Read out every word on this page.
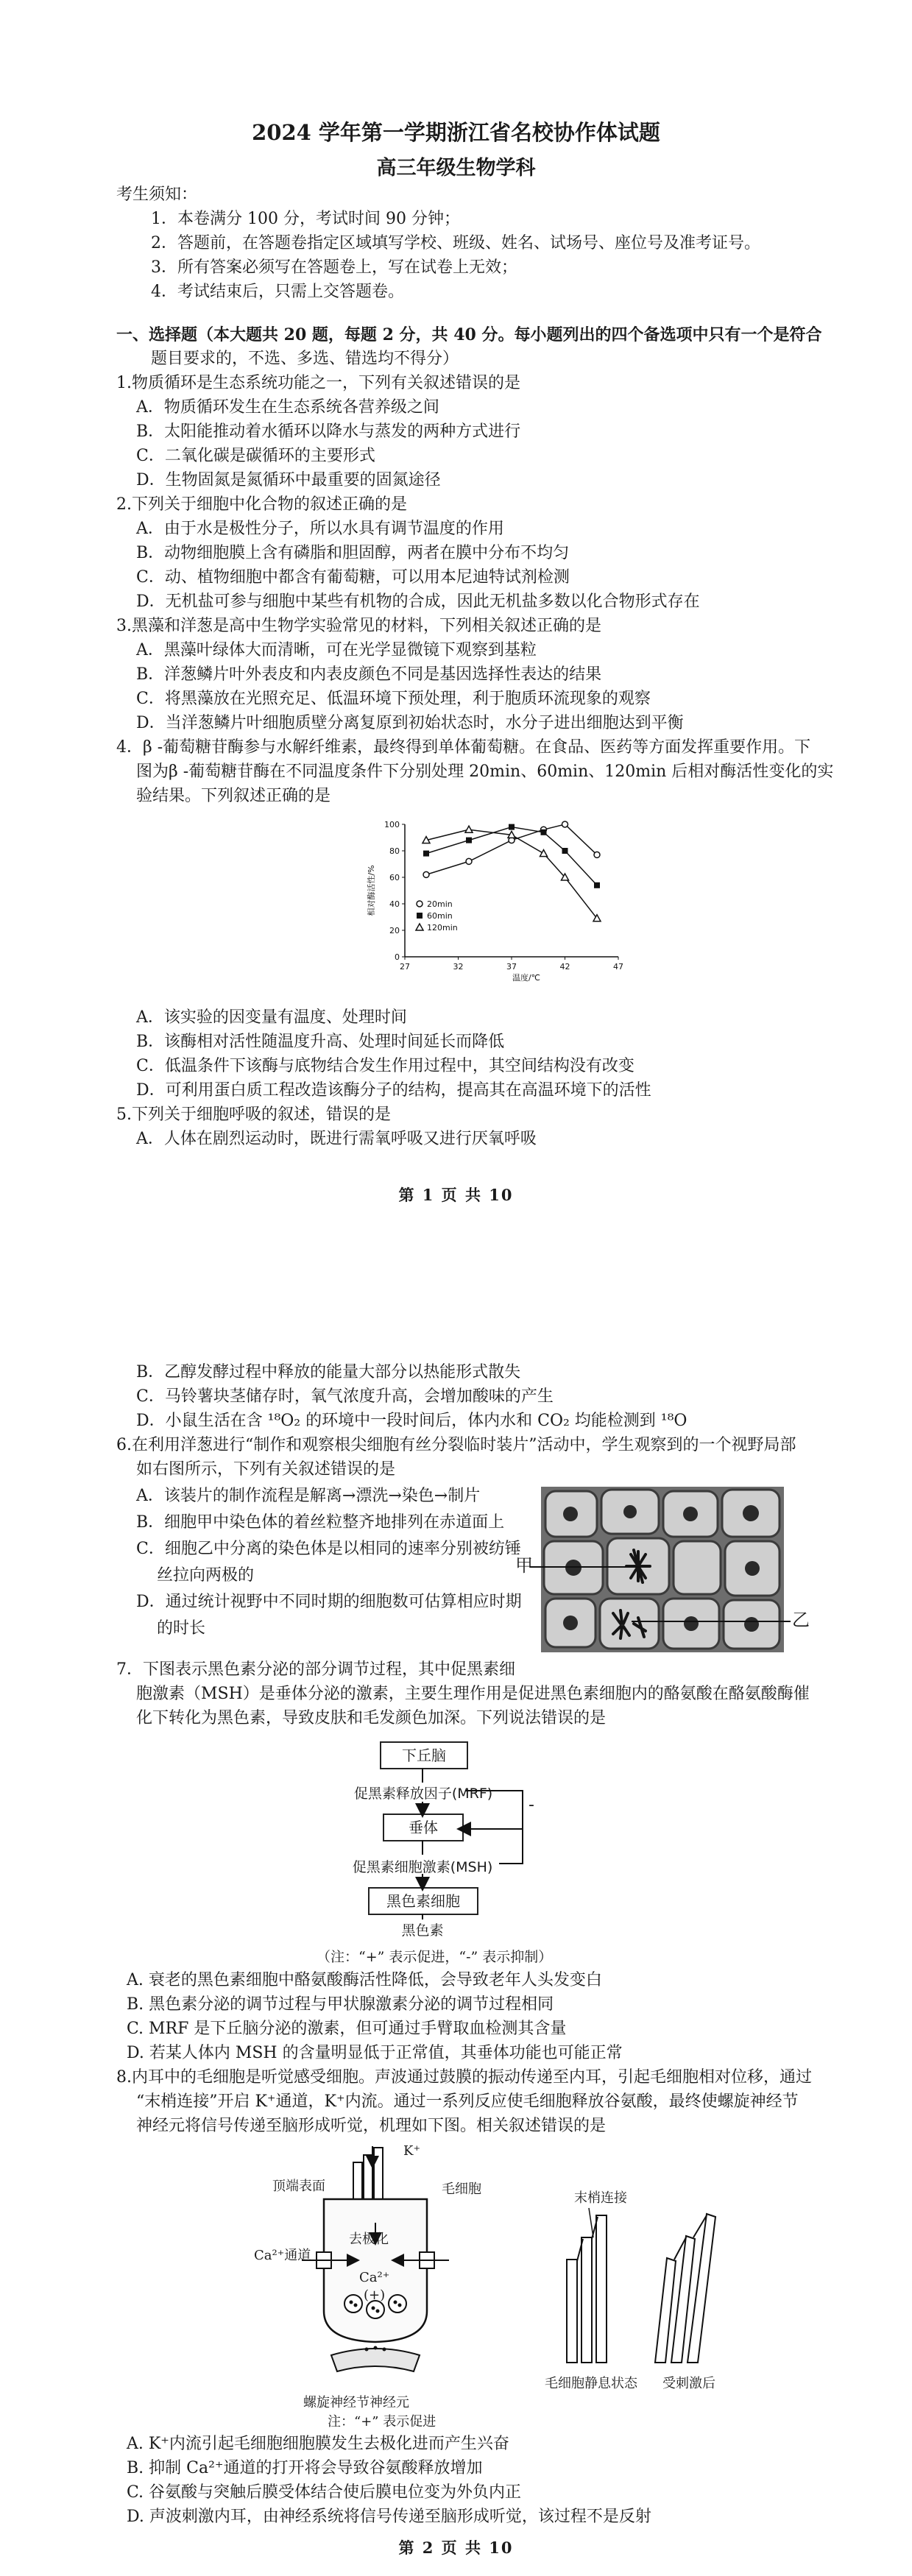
2024 学年第一学期浙江省名校协作体试题
高三年级生物学科
考生须知：
1．本卷满分 100 分，考试时间 90 分钟；
2．答题前，在答题卷指定区域填写学校、班级、姓名、试场号、座位号及准考证号。
3．所有答案必须写在答题卷上，写在试卷上无效；
4．考试结束后，只需上交答题卷。
一、选择题（本大题共 20 题，每题 2 分，共 40 分。每小题列出的四个备选项中只有一个是符合
题目要求的，不选、多选、错选均不得分）
1.物质循环是生态系统功能之一，下列有关叙述错误的是
A．物质循环发生在生态系统各营养级之间
B．太阳能推动着水循环以降水与蒸发的两种方式进行
C．二氧化碳是碳循环的主要形式
D．生物固氮是氮循环中最重要的固氮途径
2.下列关于细胞中化合物的叙述正确的是
A．由于水是极性分子，所以水具有调节温度的作用
B．动物细胞膜上含有磷脂和胆固醇，两者在膜中分布不均匀
C．动、植物细胞中都含有葡萄糖，可以用本尼迪特试剂检测
D．无机盐可参与细胞中某些有机物的合成，因此无机盐多数以化合物形式存在
3.黑藻和洋葱是高中生物学实验常见的材料，下列相关叙述正确的是
A．黑藻叶绿体大而清晰，可在光学显微镜下观察到基粒
B．洋葱鳞片叶外表皮和内表皮颜色不同是基因选择性表达的结果
C．将黑藻放在光照充足、低温环境下预处理，利于胞质环流现象的观察
D．当洋葱鳞片叶细胞质壁分离复原到初始状态时，水分子进出细胞达到平衡
4．β -葡萄糖苷酶参与水解纤维素，最终得到单体葡萄糖。在食品、医药等方面发挥重要作用。下
图为β -葡萄糖苷酶在不同温度条件下分别处理 20min、60min、120min 后相对酶活性变化的实
验结果。下列叙述正确的是
0
20
40
60
80
100
27	32	37	42	47
温度/℃
相对酶活性/%	20min
60min
120min
A．该实验的因变量有温度、处理时间
B．该酶相对活性随温度升高、处理时间延长而降低
C．低温条件下该酶与底物结合发生作用过程中，其空间结构没有改变
D．可利用蛋白质工程改造该酶分子的结构，提高其在高温环境下的活性
5.下列关于细胞呼吸的叙述，错误的是
A．人体在剧烈运动时，既进行需氧呼吸又进行厌氧呼吸
第 1 页 共 10
B．乙醇发酵过程中释放的能量大部分以热能形式散失
C．马铃薯块茎储存时，氧气浓度升高，会增加酸味的产生
D．小鼠生活在含 ¹⁸O₂ 的环境中一段时间后，体内水和 CO₂ 均能检测到 ¹⁸O
6.在利用洋葱进行“制作和观察根尖细胞有丝分裂临时装片”活动中，学生观察到的一个视野局部
如右图所示，下列有关叙述错误的是
A．该装片的制作流程是解离→漂洗→染色→制片
B．细胞甲中染色体的着丝粒整齐地排列在赤道面上
C．细胞乙中分离的染色体是以相同的速率分别被纺锤
丝拉向两极的
D．通过统计视野中不同时期的细胞数可估算相应时期
的时长
甲
乙
7．下图表示黑色素分泌的部分调节过程，其中促黑素细
胞激素（MSH）是垂体分泌的激素，主要生理作用是促进黑色素细胞内的酪氨酸在酪氨酸酶催
化下转化为黑色素，导致皮肤和毛发颜色加深。下列说法错误的是
下丘脑
促黑素释放因子(MRF)
垂体
促黑素细胞激素(MSH)
黑色素细胞
黑色素
-
（注：“+” 表示促进，“-” 表示抑制）
A. 衰老的黑色素细胞中酪氨酸酶活性降低，会导致老年人头发变白
B. 黑色素分泌的调节过程与甲状腺激素分泌的调节过程相同
C. MRF 是下丘脑分泌的激素，但可通过手臂取血检测其含量
D. 若某人体内 MSH 的含量明显低于正常值，其垂体功能也可能正常
8.内耳中的毛细胞是听觉感受细胞。声波通过鼓膜的振动传递至内耳，引起毛细胞相对位移，通过
“末梢连接”开启 K⁺通道，K⁺内流。通过一系列反应使毛细胞释放谷氨酸，最终使螺旋神经节
神经元将信号传递至脑形成听觉，机理如下图。相关叙述错误的是
K⁺
顶端表面	毛细胞
Ca²⁺通道
去极化
Ca²⁺
(+)
螺旋神经节神经元
注：“+” 表示促进
末梢连接
毛细胞静息状态 受刺激后
A. K⁺内流引起毛细胞细胞膜发生去极化进而产生兴奋
B. 抑制 Ca²⁺通道的打开将会导致谷氨酸释放增加
C. 谷氨酸与突触后膜受体结合使后膜电位变为外负内正
D. 声波刺激内耳，由神经系统将信号传递至脑形成听觉，该过程不是反射
第 2 页 共 10
